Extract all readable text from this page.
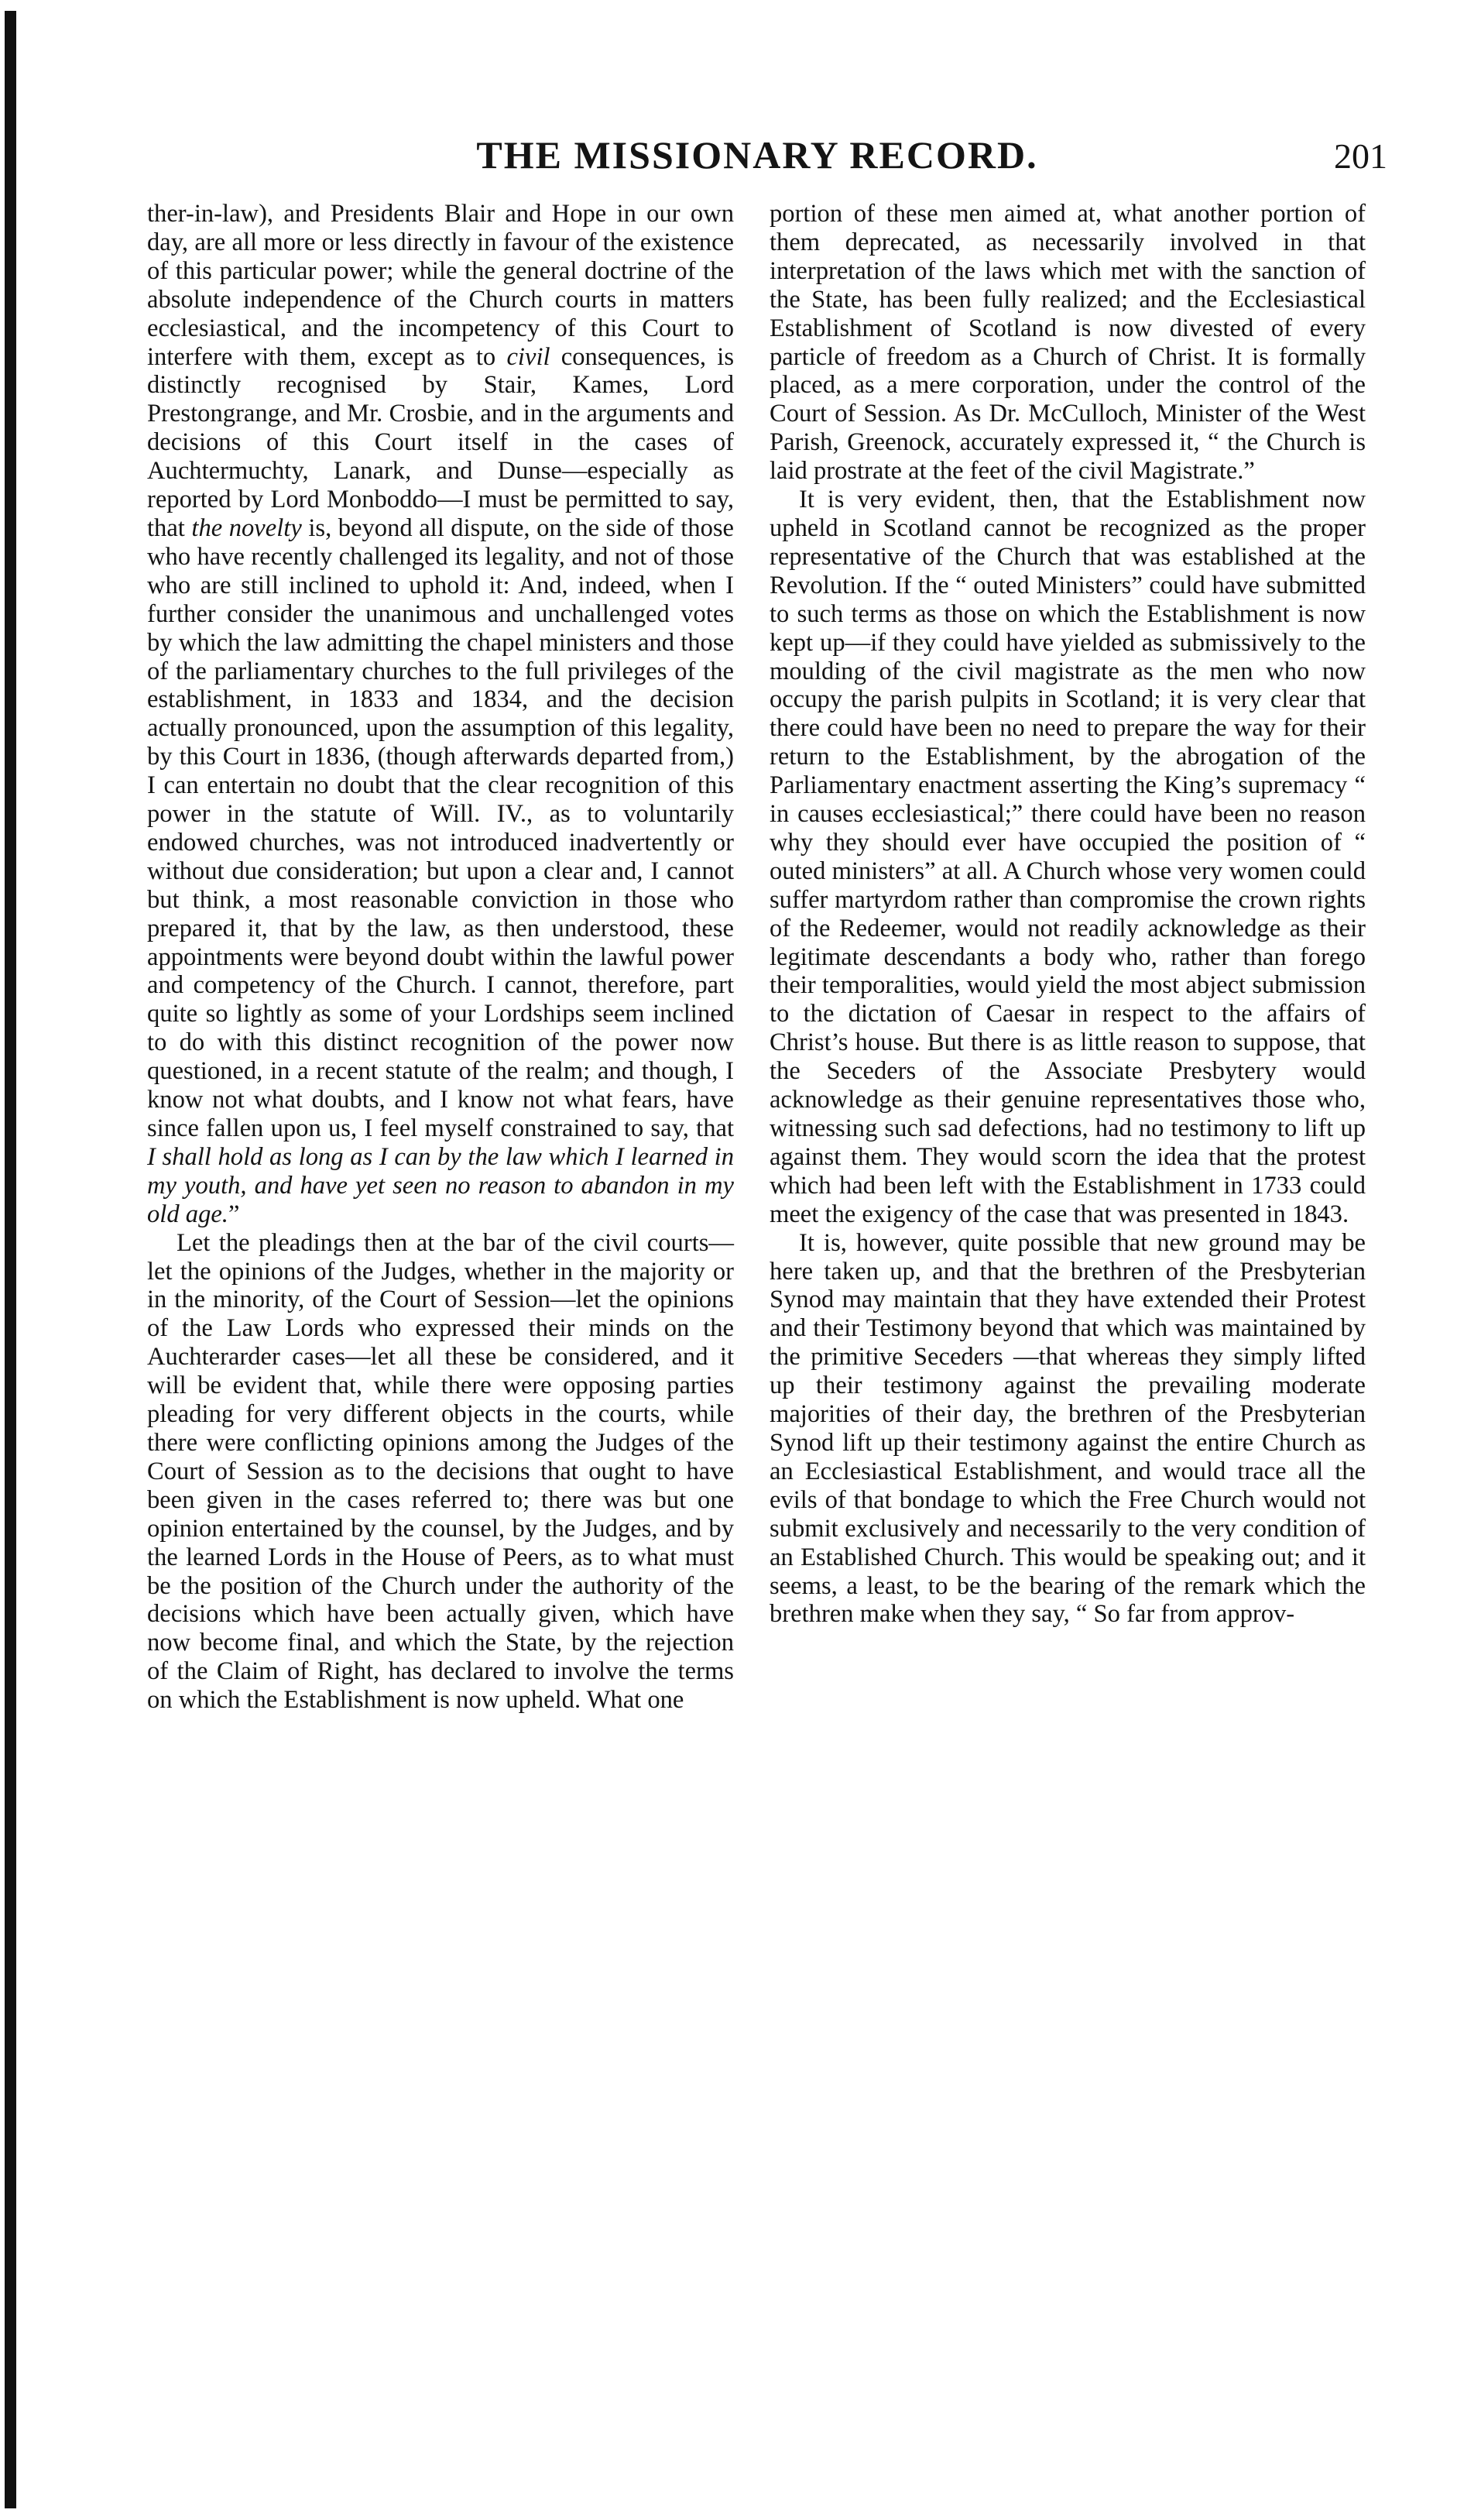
THE MISSIONARY RECORD.	201

ther-in-law), and Presidents Blair and Hope in our own day, are all more or less directly in favour of the existence of this particular power; while the general doctrine of the absolute independence of the Church courts in matters ecclesiastical, and the incompetency of this Court to interfere with them, except as to civil consequences, is distinctly recognised by Stair, Kames, Lord Prestongrange, and Mr. Crosbie, and in the arguments and decisions of this Court itself in the cases of Auchtermuchty, Lanark, and Dunse—especially as reported by Lord Monboddo—I must be permitted to say, that the novelty is, beyond all dispute, on the side of those who have recently challenged its legality, and not of those who are still inclined to uphold it: And, indeed, when I further consider the unanimous and unchallenged votes by which the law admitting the chapel ministers and those of the parliamentary churches to the full privileges of the establishment, in 1833 and 1834, and the decision actually pronounced, upon the assumption of this legality, by this Court in 1836, (though afterwards departed from,) I can entertain no doubt that the clear recognition of this power in the statute of Will. IV., as to voluntarily endowed churches, was not introduced inadvertently or without due consideration; but upon a clear and, I cannot but think, a most reasonable conviction in those who prepared it, that by the law, as then understood, these appointments were beyond doubt within the lawful power and competency of the Church. I cannot, therefore, part quite so lightly as some of your Lordships seem inclined to do with this distinct recognition of the power now questioned, in a recent statute of the realm; and though, I know not what doubts, and I know not what fears, have since fallen upon us, I feel myself constrained to say, that I shall hold as long as I can by the law which I learned in my youth, and have yet seen no reason to abandon in my old age.”

Let the pleadings then at the bar of the civil courts—let the opinions of the Judges, whether in the majority or in the minority, of the Court of Session—let the opinions of the Law Lords who expressed their minds on the Auchterarder cases—let all these be considered, and it will be evident that, while there were opposing parties pleading for very different objects in the courts, while there were conflicting opinions among the Judges of the Court of Session as to the decisions that ought to have been given in the cases referred to; there was but one opinion entertained by the counsel, by the Judges, and by the learned Lords in the House of Peers, as to what must be the position of the Church under the authority of the decisions which have been actually given, which have now become final, and which the State, by the rejection of the Claim of Right, has declared to involve the terms on which the Establishment is now upheld. What one

portion of these men aimed at, what another portion of them deprecated, as necessarily involved in that interpretation of the laws which met with the sanction of the State, has been fully realized; and the Ecclesiastical Establishment of Scotland is now divested of every particle of freedom as a Church of Christ. It is formally placed, as a mere corporation, under the control of the Court of Session. As Dr. McCulloch, Minister of the West Parish, Greenock, accurately expressed it, “ the Church is laid prostrate at the feet of the civil Magistrate.”

It is very evident, then, that the Establishment now upheld in Scotland cannot be recognized as the proper representative of the Church that was established at the Revolution. If the “ outed Ministers” could have submitted to such terms as those on which the Establishment is now kept up—if they could have yielded as submissively to the moulding of the civil magistrate as the men who now occupy the parish pulpits in Scotland; it is very clear that there could have been no need to prepare the way for their return to the Establishment, by the abrogation of the Parliamentary enactment asserting the King’s supremacy “ in causes ecclesiastical;” there could have been no reason why they should ever have occupied the position of “ outed ministers” at all. A Church whose very women could suffer martyrdom rather than compromise the crown rights of the Redeemer, would not readily acknowledge as their legitimate descendants a body who, rather than forego their temporalities, would yield the most abject submission to the dictation of Caesar in respect to the affairs of Christ’s house. But there is as little reason to suppose, that the Seceders of the Associate Presbytery would acknowledge as their genuine representatives those who, witnessing such sad defections, had no testimony to lift up against them. They would scorn the idea that the protest which had been left with the Establishment in 1733 could meet the exigency of the case that was presented in 1843.

It is, however, quite possible that new ground may be here taken up, and that the brethren of the Presbyterian Synod may maintain that they have extended their Protest and their Testimony beyond that which was maintained by the primitive Seceders —that whereas they simply lifted up their testimony against the prevailing moderate majorities of their day, the brethren of the Presbyterian Synod lift up their testimony against the entire Church as an Ecclesiastical Establishment, and would trace all the evils of that bondage to which the Free Church would not submit exclusively and necessarily to the very condition of an Established Church. This would be speaking out; and it seems, a least, to be the bearing of the remark which the brethren make when they say, “ So far from approv-
